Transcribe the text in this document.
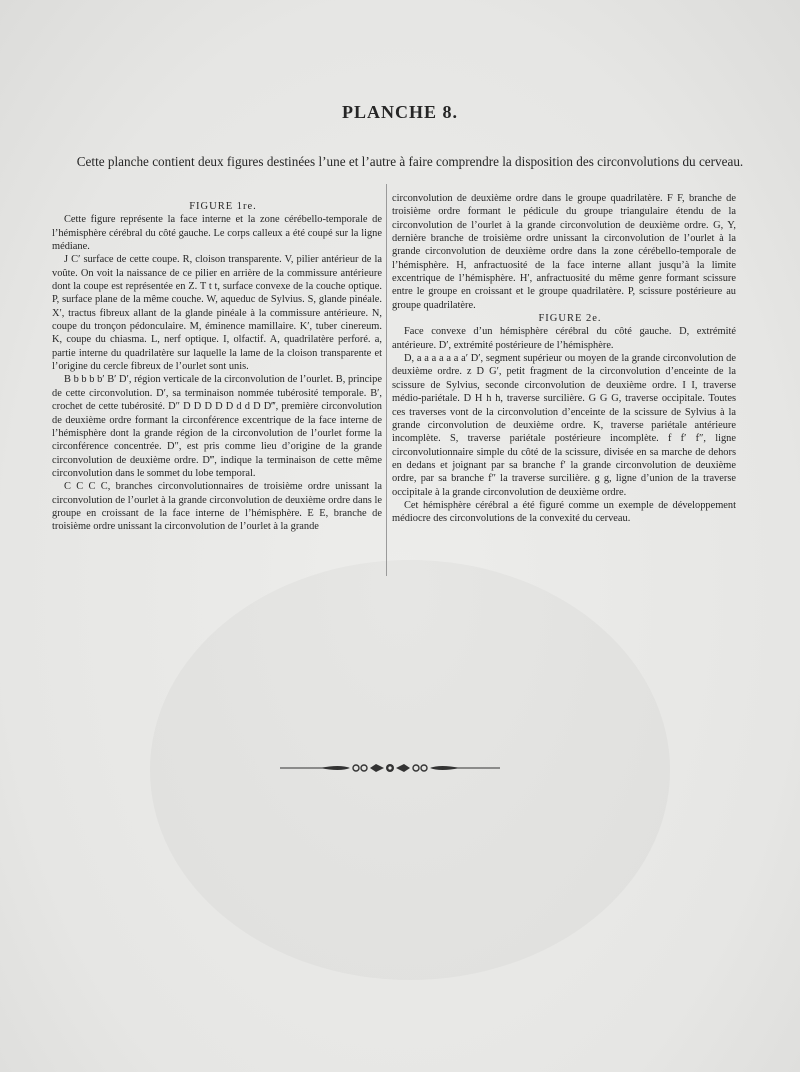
PLANCHE 8.
Cette planche contient deux figures destinées l’une et l’autre à faire comprendre la disposition des circonvolutions du cerveau.

FIGURE 1re.

Cette figure représente la face interne et la zone cérébello-temporale de l’hémisphère cérébral du côté gauche. Le corps calleux a été coupé sur la ligne médiane.

J C′ surface de cette coupe. R, cloison transparente. V, pilier antérieur de la voûte. On voit la naissance de ce pilier en arrière de la commissure antérieure dont la coupe est représentée en Z. T t t, surface convexe de la couche optique. P, surface plane de la même couche. W, aqueduc de Sylvius. S, glande pinéale. X′, tractus fibreux allant de la glande pinéale à la commissure antérieure. N, coupe du tronçon pédonculaire. M, éminence mamillaire. K′, tuber cinereum. K, coupe du chiasma. L, nerf optique. I, olfactif. A, quadrilatère perforé. a, partie interne du quadrilatère sur laquelle la lame de la cloison transparente et l’origine du cercle fibreux de l’ourlet sont unis.

B b b b b′ B′ D′, région verticale de la circonvolution de l’ourlet. B, principe de cette circonvolution. D′, sa terminaison nommée tubérosité temporale. B′, crochet de cette tubérosité. D″ D D D D D d d D D‴, première circonvolution de deuxième ordre formant la circonférence excentrique de la face interne de l’hémisphère dont la grande région de la circonvolution de l’ourlet forme la circonférence concentrée. D″, est pris comme lieu d’origine de la grande circonvolution de deuxième ordre. D‴, indique la terminaison de cette même circonvolution dans le sommet du lobe temporal.

C C C C, branches circonvolutionnaires de troisième ordre unissant la circonvolution de l’ourlet à la grande circonvolution de deuxième ordre dans le groupe en croissant de la face interne de l’hémisphère. E E, branche de troisième ordre unissant la circonvolution de l’ourlet à la grande

circonvolution de deuxième ordre dans le groupe quadrilatère. F F, branche de troisième ordre formant le pédicule du groupe triangulaire étendu de la circonvolution de l’ourlet à la grande circonvolution de deuxième ordre. G, Y, dernière branche de troisième ordre unissant la circonvolution de l’ourlet à la grande circonvolution de deuxième ordre dans la zone cérébello-temporale de l’hémisphère. H, anfractuosité de la face interne allant jusqu’à la limite excentrique de l’hémisphère. H′, anfractuosité du même genre formant scissure entre le groupe en croissant et le groupe quadrilatère. P, scissure postérieure au groupe quadrilatère.

FIGURE 2e.

Face convexe d’un hémisphère cérébral du côté gauche. D, extrémité antérieure. D′, extrémité postérieure de l’hémisphère.

D, a a a a a a a′ D′, segment supérieur ou moyen de la grande circonvolution de deuxième ordre. z D G′, petit fragment de la circonvolution d’enceinte de la scissure de Sylvius, seconde circonvolution de deuxième ordre. I I, traverse médio-pariétale. D H h h, traverse surcilière. G G G, traverse occipitale. Toutes ces traverses vont de la circonvolution d’enceinte de la scissure de Sylvius à la grande circonvolution de deuxième ordre. K, traverse pariétale antérieure incomplète. S, traverse pariétale postérieure incomplète. f f′ f″, ligne circonvolutionnaire simple du côté de la scissure, divisée en sa marche de dehors en dedans et joignant par sa branche f′ la grande circonvolution de deuxième ordre, par sa branche f″ la traverse surcilière. g g, ligne d’union de la traverse occipitale à la grande circonvolution de deuxième ordre.

Cet hémisphère cérébral a été figuré comme un exemple de développement médiocre des circonvolutions de la convexité du cerveau.
